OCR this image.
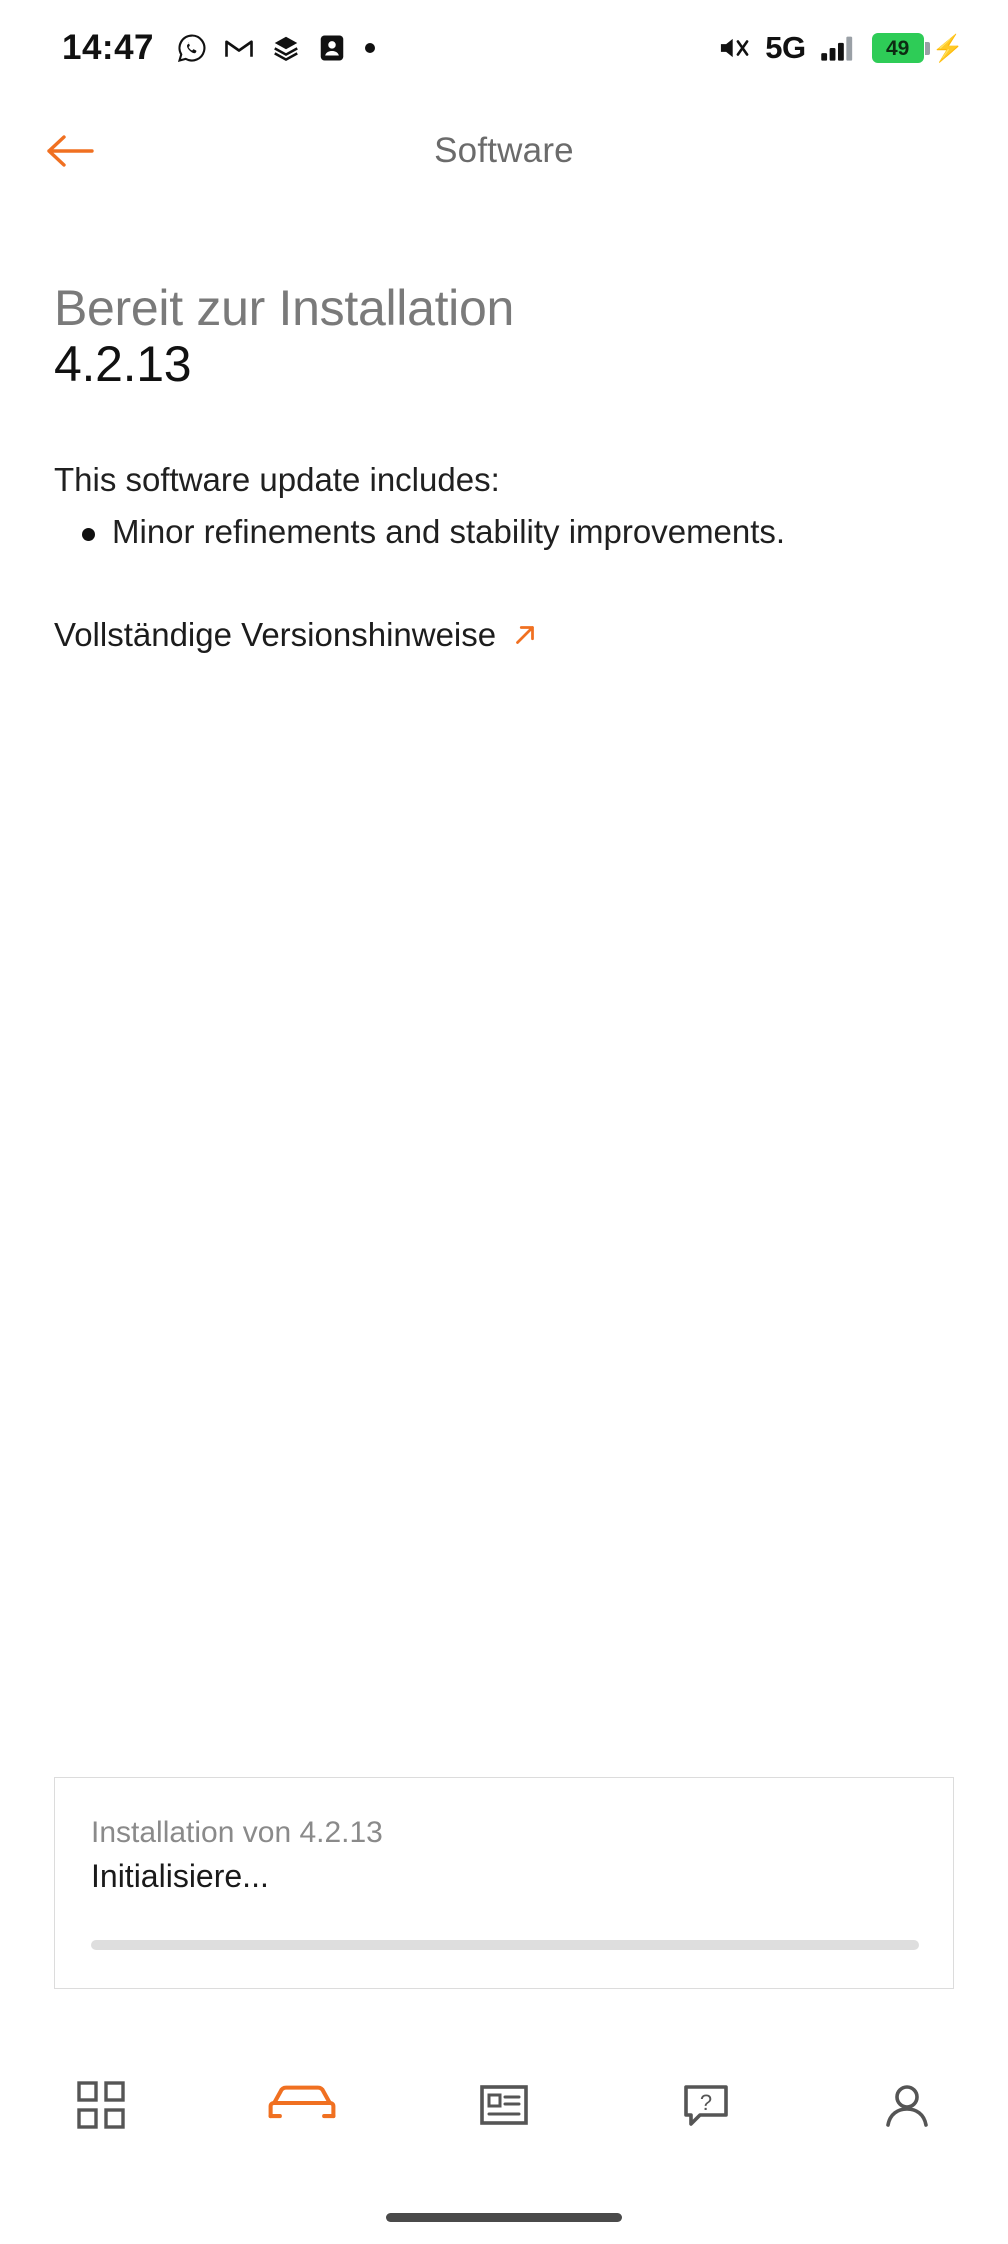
14:47	5G	49 ⚡
Software
Bereit zur Installation
4.2.13
This software update includes:
Minor refinements and stability improvements.
Vollständige Versionshinweise
Installation von 4.2.13
Initialisiere...
?
